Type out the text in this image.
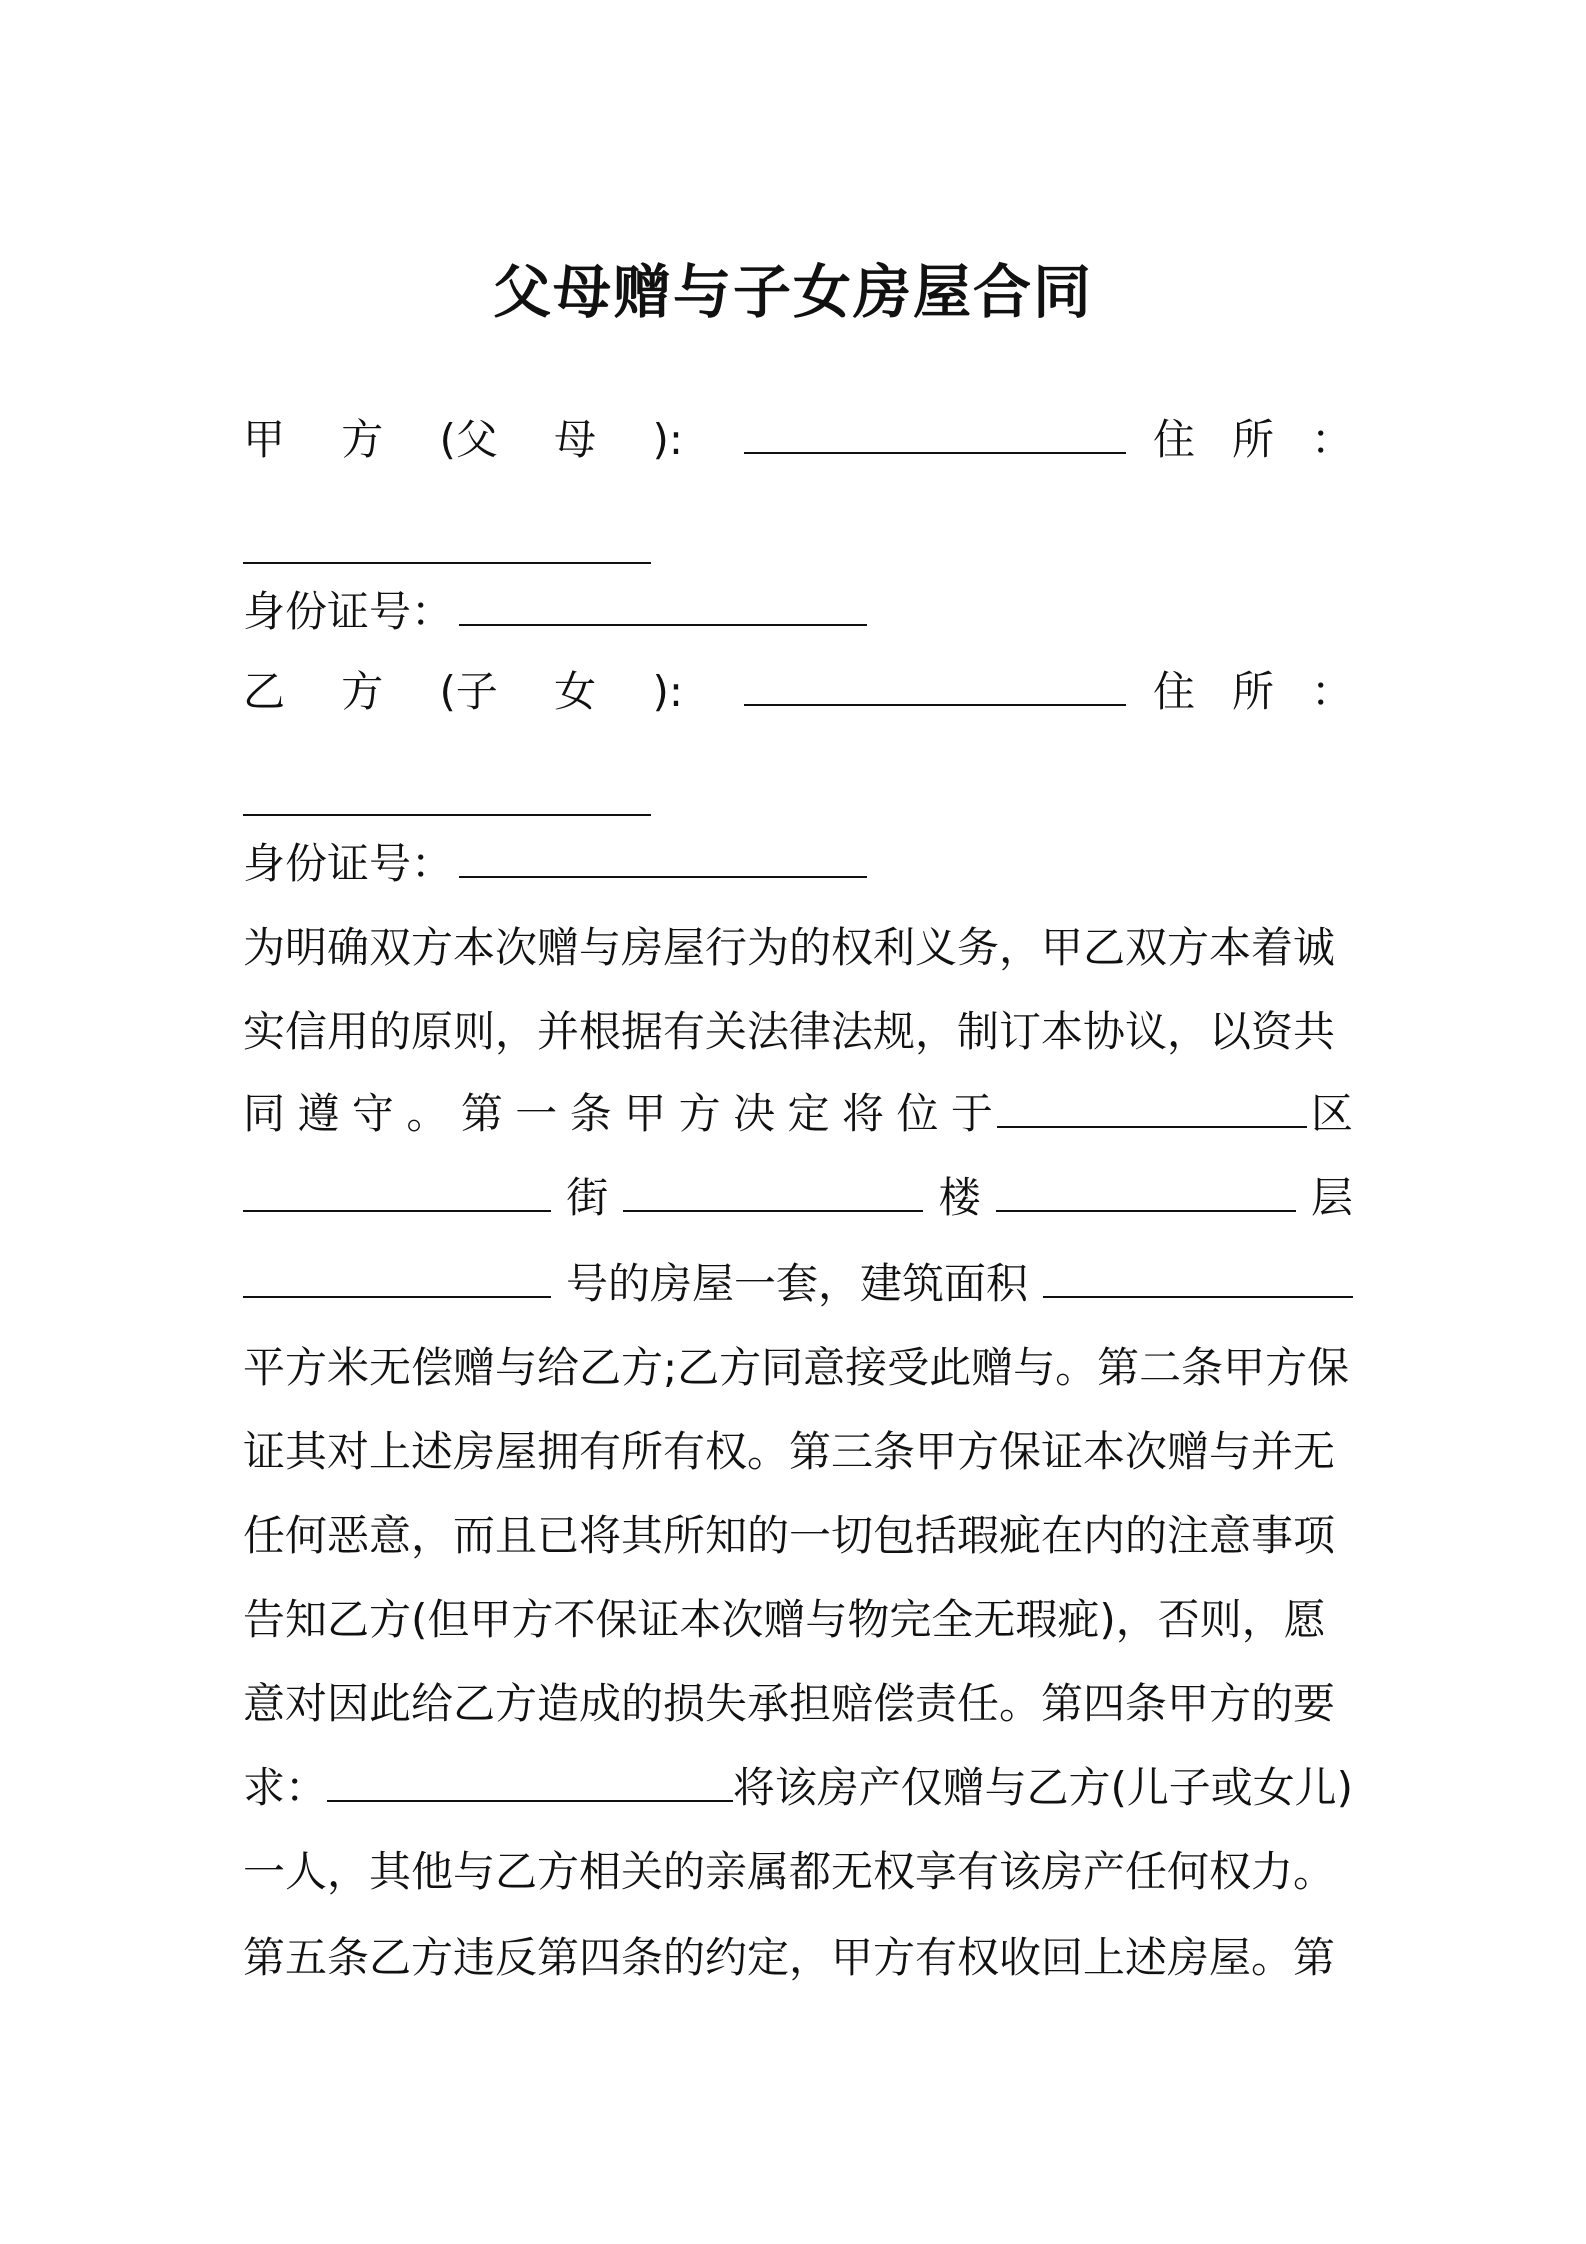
父母赠与子女房屋合同
甲 方 (父 母 ):	住 所 ：
身份证号：
乙 方 (子 女 ):	住 所 ：
身份证号：
为明确双方本次赠与房屋行为的权利义务，甲乙双方本着诚
实信用的原则，并根据有关法律法规，制订本协议，以资共
同 遵 守 。 第 一 条 甲 方 决 定 将 位 于	区
街	楼	层
号的房屋一套，建筑面积
平方米无偿赠与给乙方;乙方同意接受此赠与。第二条甲方保
证其对上述房屋拥有所有权。第三条甲方保证本次赠与并无
任何恶意，而且已将其所知的一切包括瑕疵在内的注意事项
告知乙方(但甲方不保证本次赠与物完全无瑕疵)，否则，愿
意对因此给乙方造成的损失承担赔偿责任。第四条甲方的要
求：	将该房产仅赠与乙方(儿子或女儿)
一人，其他与乙方相关的亲属都无权享有该房产任何权力。
第五条乙方违反第四条的约定，甲方有权收回上述房屋。第
